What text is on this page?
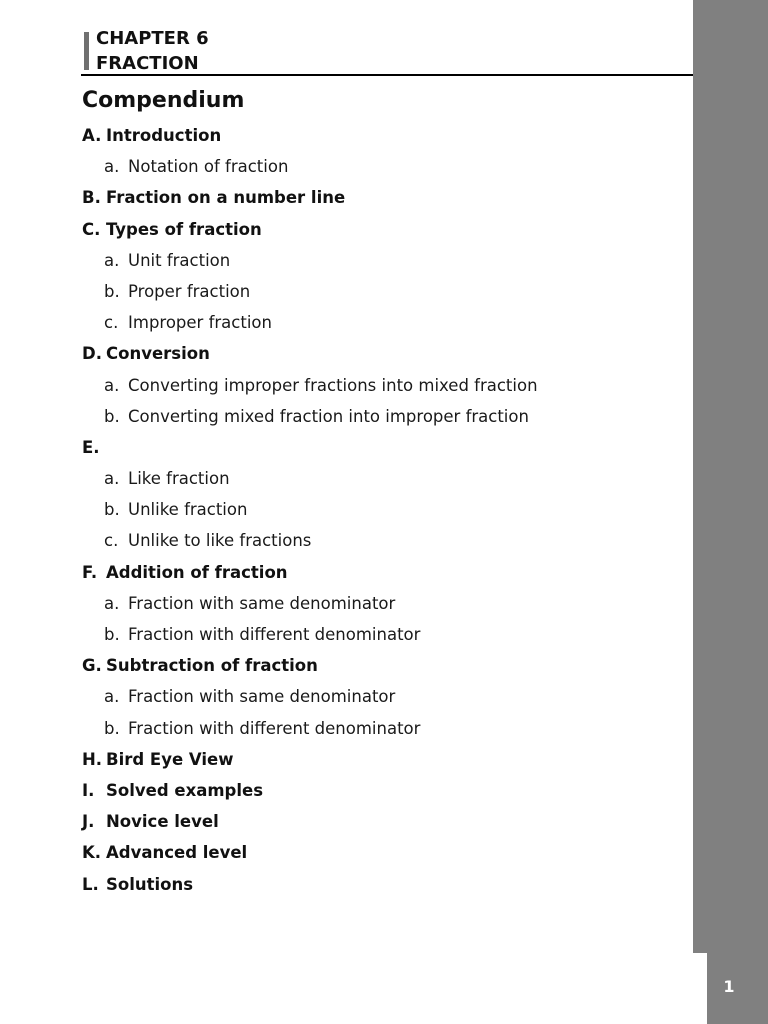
1
CHAPTER 6
FRACTION
Compendium
A. Introduction
a. Notation of fraction
B. Fraction on a number line
C. Types of fraction
a. Unit fraction
b. Proper fraction
c. Improper fraction
D. Conversion
a. Converting improper fractions into mixed fraction
b. Converting mixed fraction into improper fraction
E.
a. Like fraction
b. Unlike fraction
c. Unlike to like fractions
F. Addition of fraction
a. Fraction with same denominator
b. Fraction with different denominator
G. Subtraction of fraction
a. Fraction with same denominator
b. Fraction with different denominator
H. Bird Eye View
I. Solved examples
J. Novice level
K. Advanced level
L. Solutions
